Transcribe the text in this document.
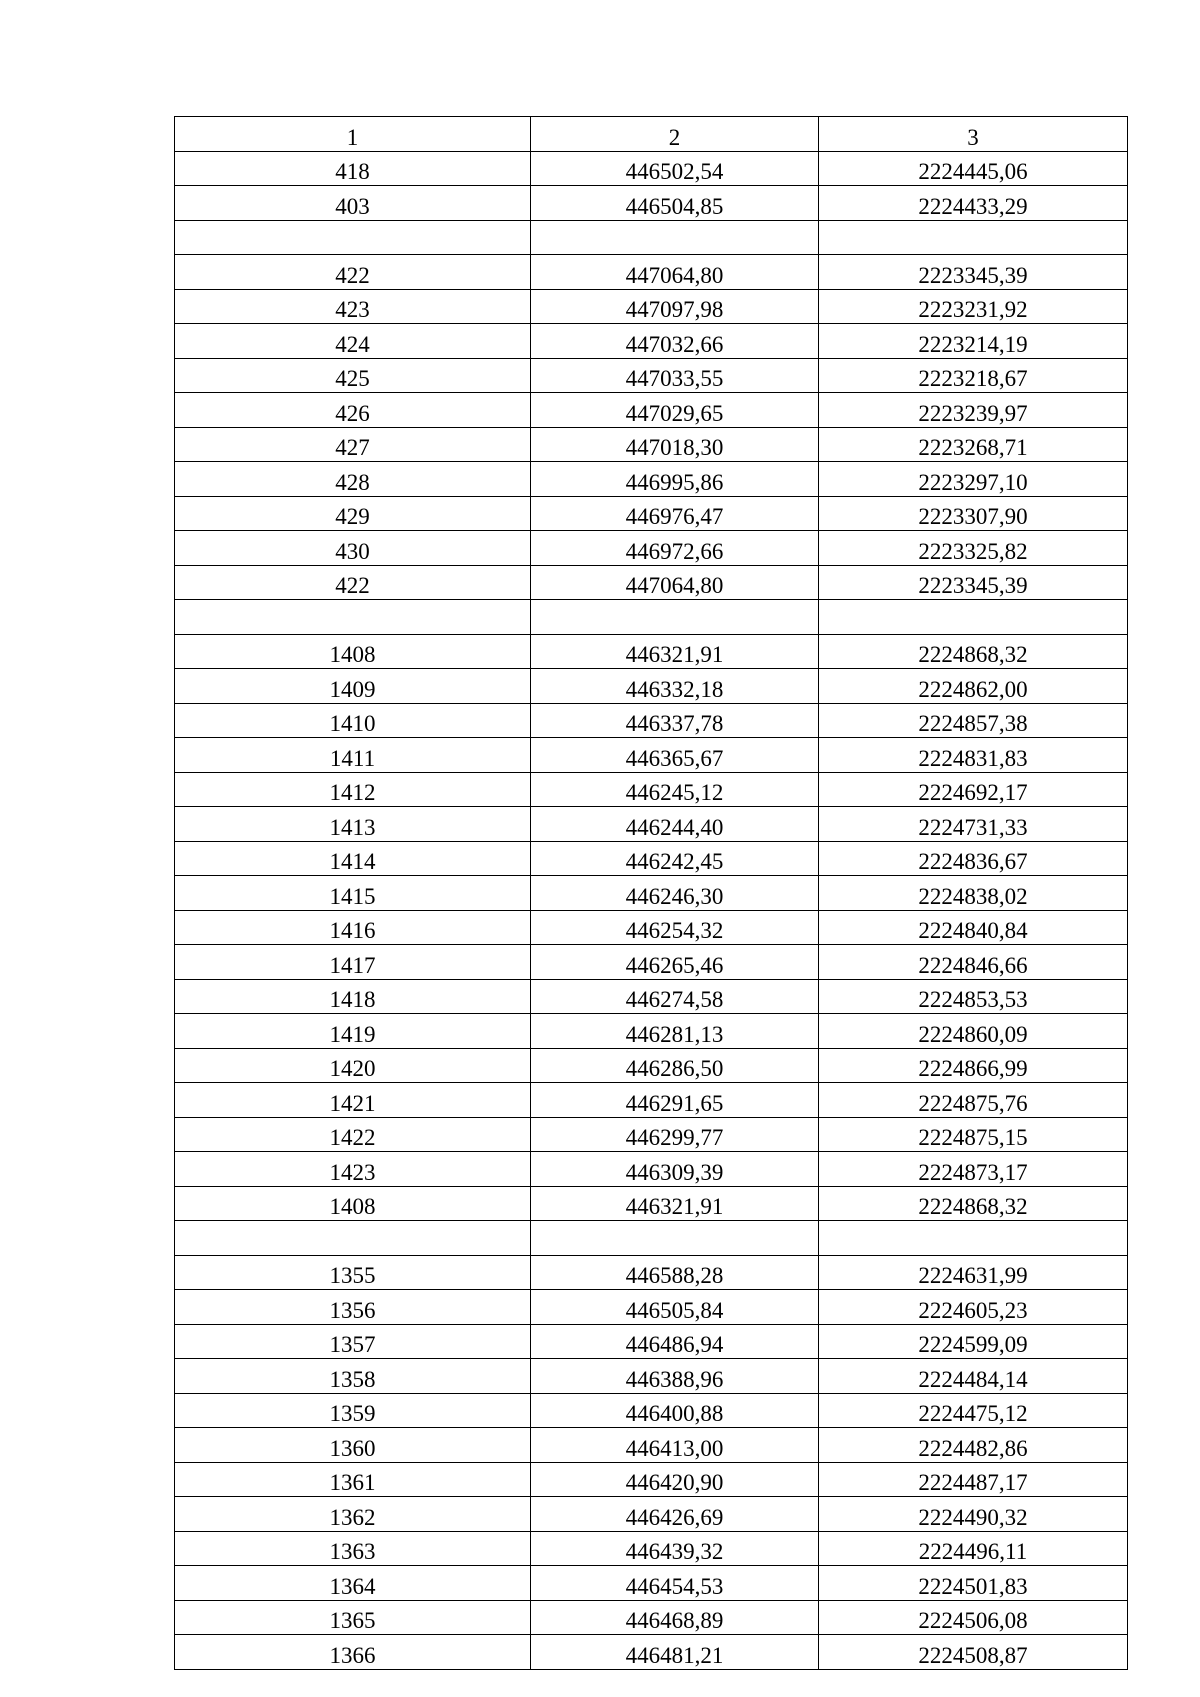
1	2	3
418	446502,54	2224445,06
403	446504,85	2224433,29

422	447064,80	2223345,39
423	447097,98	2223231,92
424	447032,66	2223214,19
425	447033,55	2223218,67
426	447029,65	2223239,97
427	447018,30	2223268,71
428	446995,86	2223297,10
429	446976,47	2223307,90
430	446972,66	2223325,82
422	447064,80	2223345,39

1408	446321,91	2224868,32
1409	446332,18	2224862,00
1410	446337,78	2224857,38
1411	446365,67	2224831,83
1412	446245,12	2224692,17
1413	446244,40	2224731,33
1414	446242,45	2224836,67
1415	446246,30	2224838,02
1416	446254,32	2224840,84
1417	446265,46	2224846,66
1418	446274,58	2224853,53
1419	446281,13	2224860,09
1420	446286,50	2224866,99
1421	446291,65	2224875,76
1422	446299,77	2224875,15
1423	446309,39	2224873,17
1408	446321,91	2224868,32

1355	446588,28	2224631,99
1356	446505,84	2224605,23
1357	446486,94	2224599,09
1358	446388,96	2224484,14
1359	446400,88	2224475,12
1360	446413,00	2224482,86
1361	446420,90	2224487,17
1362	446426,69	2224490,32
1363	446439,32	2224496,11
1364	446454,53	2224501,83
1365	446468,89	2224506,08
1366	446481,21	2224508,87
